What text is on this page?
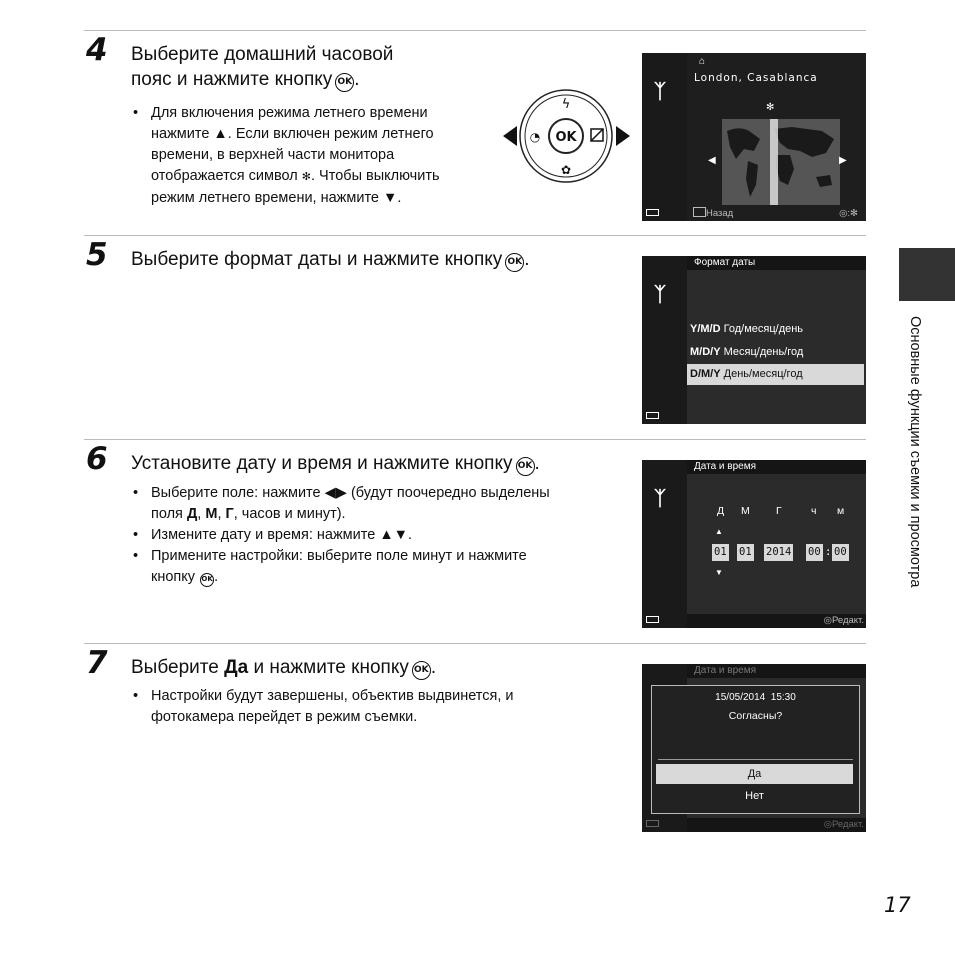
4 Выберите домашний часовой
пояс и нажмите кнопку OK .
• Для включения режима летнего времени
нажмите ▲. Если включен режим летнего
времени, в верхней части монитора
отображается символ ✻. Чтобы выключить
режим летнего времени, нажмите ▼.
OK
ϟ
✿
◔
ᛉ
⌂
London, Casablanca
✻
◀	▶
Назад	◎:✻
5 Выберите формат даты и нажмите кнопку OK .
ᛉ
Формат даты
Y/M/D Год/месяц/день
M/D/Y Месяц/день/год
D/M/Y День/месяц/год
6 Установите дату и время и нажмите кнопку OK .
• Выберите поле: нажмите ◀▶ (будут поочередно выделены
поля Д, М, Г, часов и минут).
• Измените дату и время: нажмите ▲▼.
• Примените настройки: выберите поле минут и нажмите
кнопку OK.
ᛉ
Дата и время
Д М	Г	ч м
▲
▼
01 01 2014 00 : 00
◎Редакт.
7 Выберите Да и нажмите кнопку OK .
• Настройки будут завершены, объектив выдвинется, и
фотокамера перейдет в режим съемки.
Дата и время
15/05/2014  15:30
Согласны?
Да
Нет
◎Редакт.
Основные функции съемки и просмотра
17
